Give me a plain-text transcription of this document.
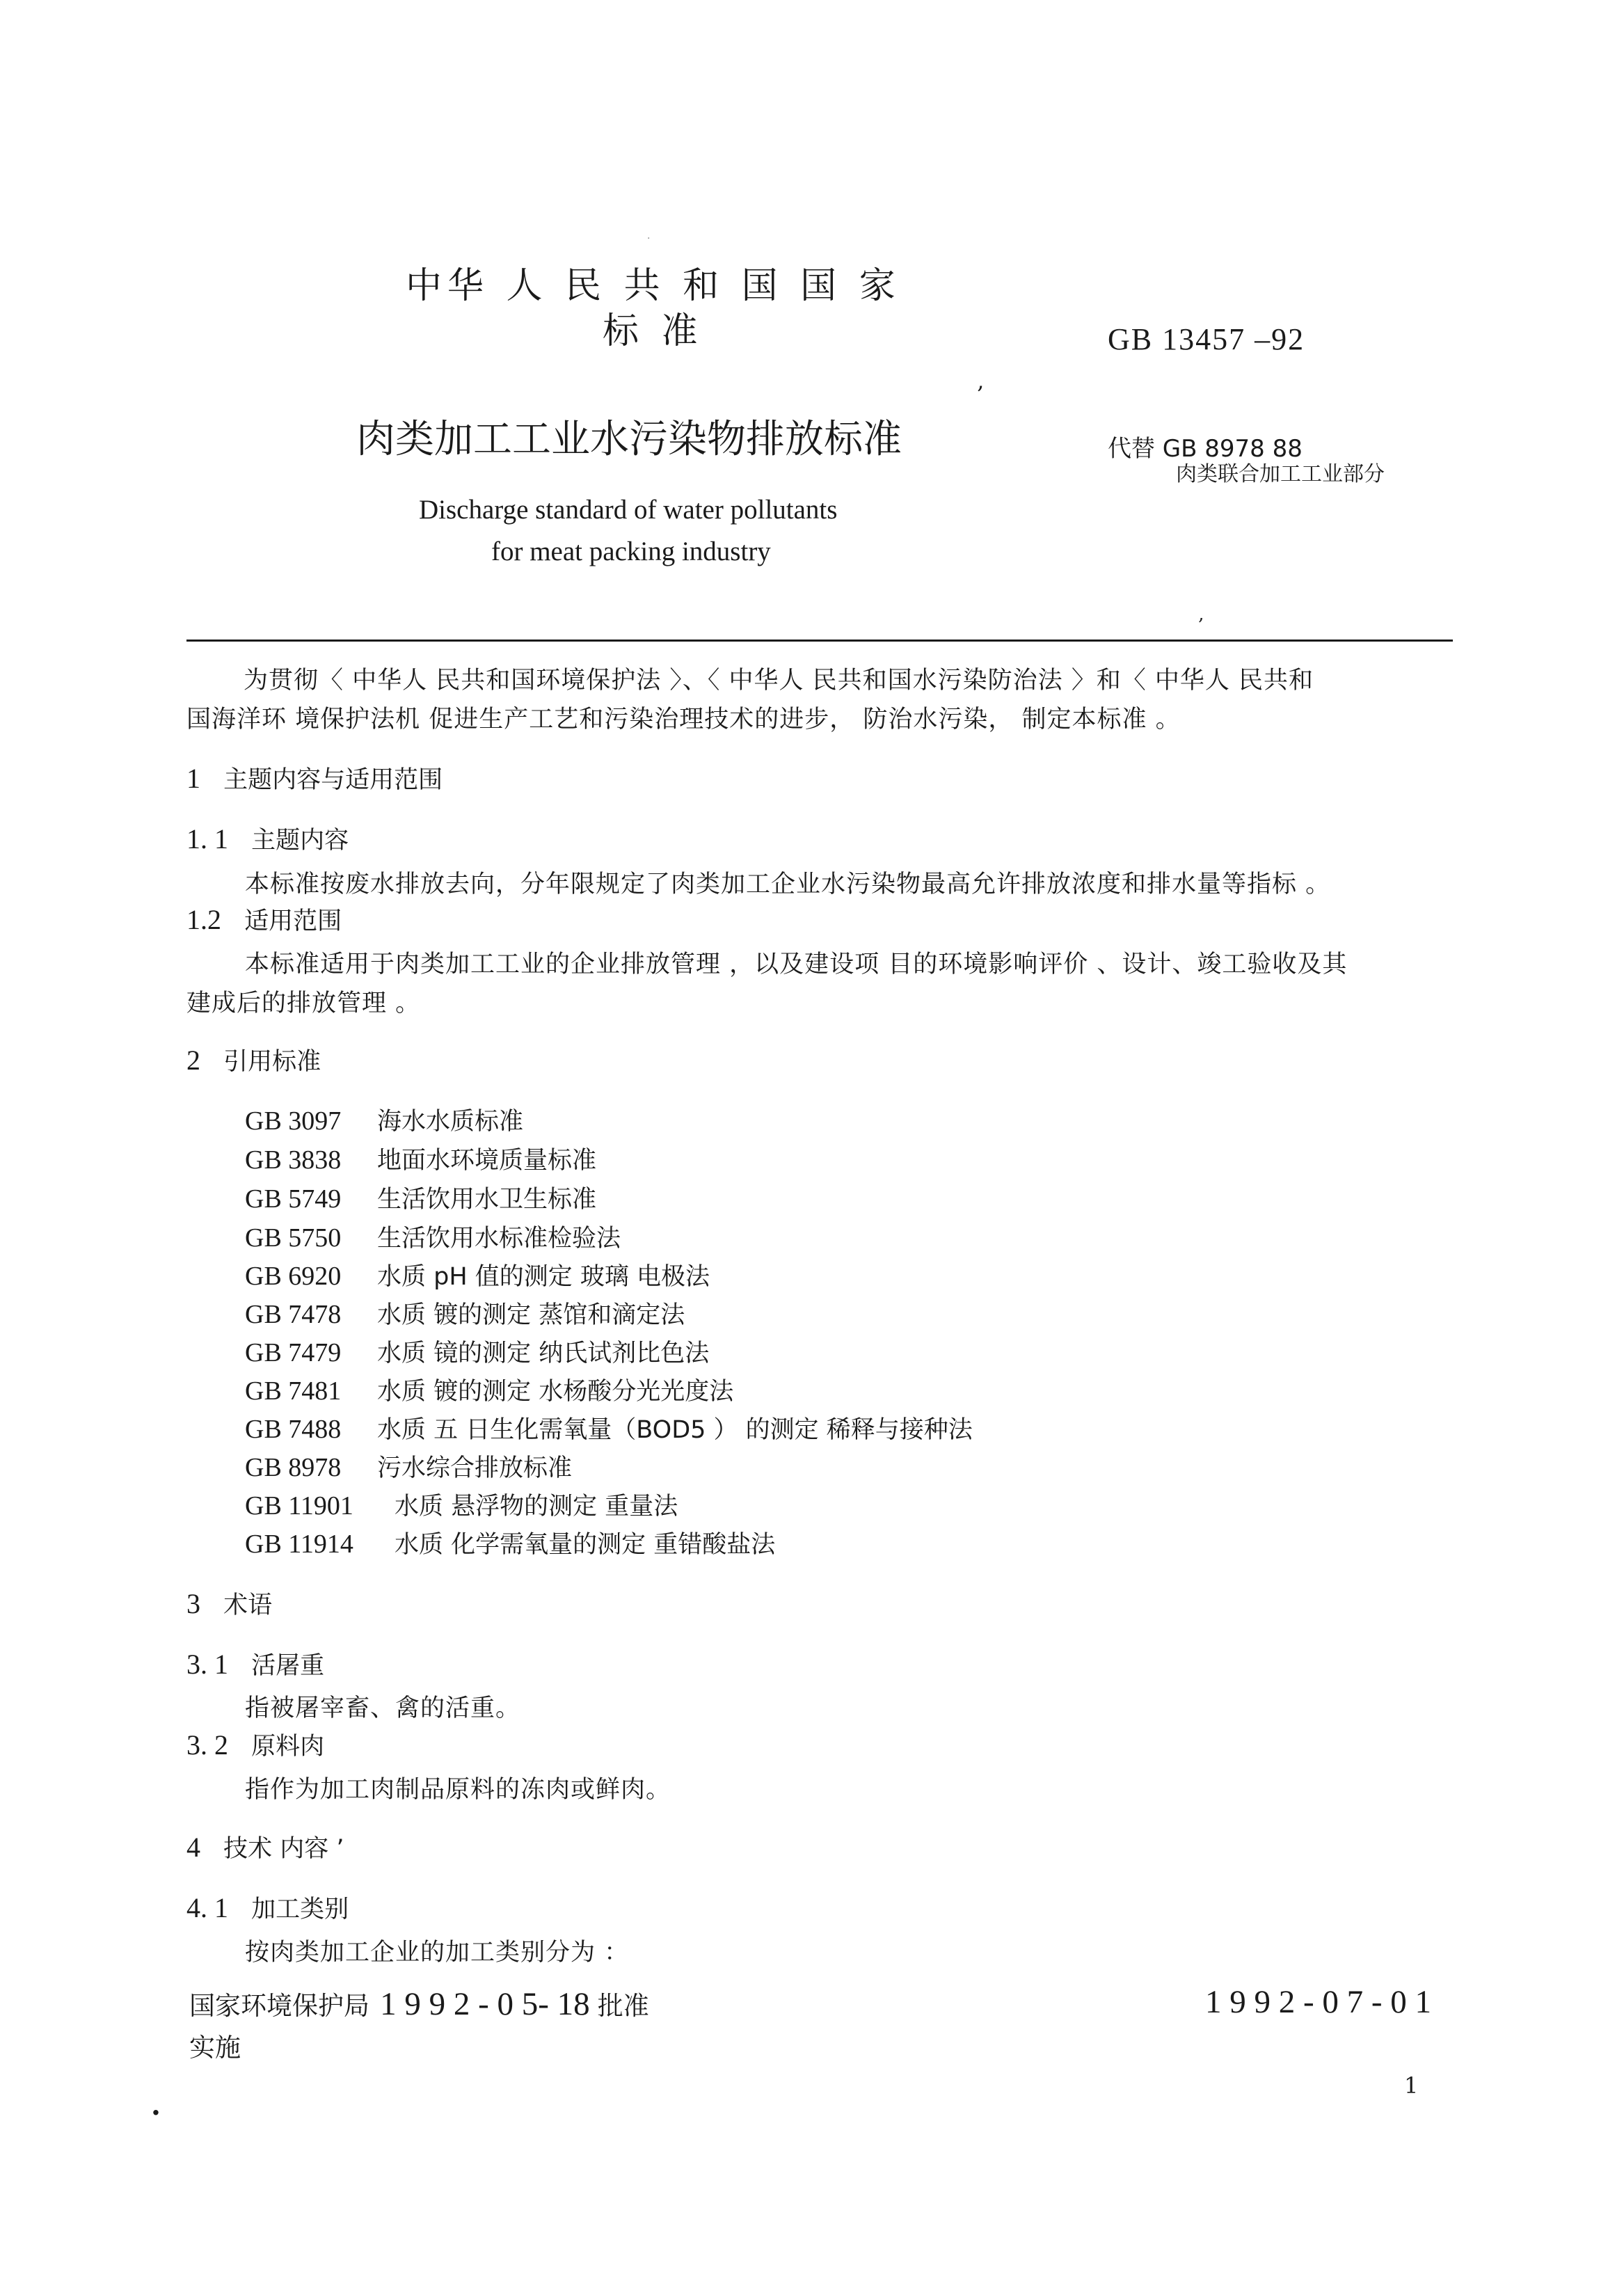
·
中华 人 民 共 和 国 国 家
标 准	GB 13457 –92
‚
肉类加工工业水污染物排放标准	代替 GB 8978 88
肉类联合加工工业部分
Discharge standard of water pollutants
for meat packing industry
‚
为贯彻〈 中华人 民共和国环境保护法 〉、〈 中华人 民共和国水污染防治法 〉和〈 中华人 民共和
国海洋环 境保护法机 促进生产工艺和污染治理技术的进步， 防治水污染， 制定本标准 。
1 主题内容与适用范围
1. 1 主题内容
本标准按废水排放去向，分年限规定了肉类加工企业水污染物最高允许排放浓度和排水量等指标 。
1.2 适用范围
本标准适用于肉类加工工业的企业排放管理 ，以及建设项 目的环境影响评价 、设计、竣工验收及其
建成后的排放管理 。
2 引用标准
GB 3097 海水水质标准
GB 3838 地面水环境质量标准
GB 5749 生活饮用水卫生标准
GB 5750 生活饮用水标准检验法
GB 6920 水质 pH 值的测定 玻璃 电极法
GB 7478 水质 镀的测定 蒸馆和滴定法
GB 7479 水质 镜的测定 纳氏试剂比色法
GB 7481 水质 镀的测定 水杨酸分光光度法
GB 7488 水质 五 日生化需氧量（BOD5 ） 的测定 稀释与接种法
GB 8978 污水综合排放标准
GB 11901 水质 悬浮物的测定 重量法
GB 11914 水质 化学需氧量的测定 重错酸盐法
3 术语
3. 1 活屠重
指被屠宰畜、禽的活重。
3. 2 原料肉
指作为加工肉制品原料的冻肉或鲜肉。
4 技术 内容 ’
4. 1 加工类别
按肉类加工企业的加工类别分为 ：
国家环境保护局 1 9 9 2 - 0 5- 18 批准	1 9 9 2 - 0 7 - 0 1
实施
1
.
